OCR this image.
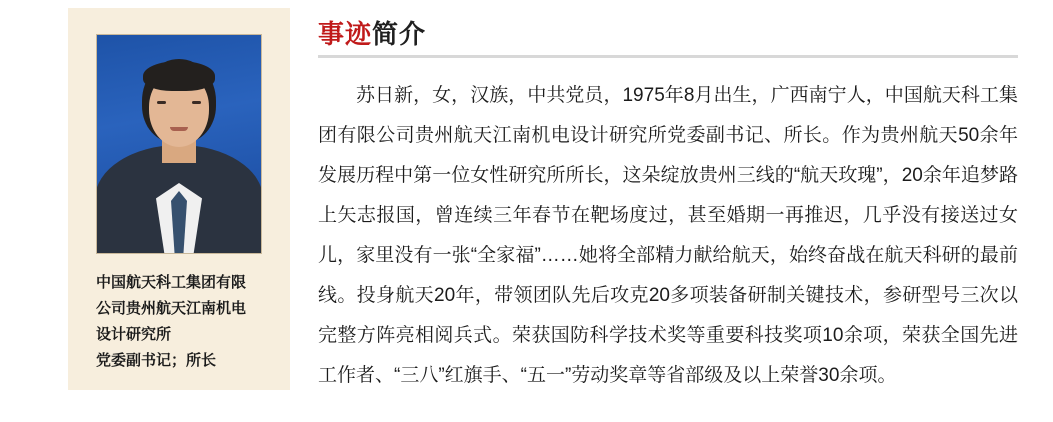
中国航天科工集团有限
公司贵州航天江南机电
设计研究所
党委副书记；所长
事迹 简介
苏日新，女，汉族，中共党员，1975年8月出生，广西南宁人，中国航天科工集团有限公司贵州航天江南机电设计研究所党委副书记、所长。作为贵州航天50余年发展历程中第一位女性研究所所长，这朵绽放贵州三线的“航天玫瑰”，20余年追梦路上矢志报国，曾连续三年春节在靶场度过，甚至婚期一再推迟，几乎没有接送过女儿，家里没有一张“全家福”……她将全部精力献给航天，始终奋战在航天科研的最前线。投身航天20年，带领团队先后攻克20多项装备研制关键技术，参研型号三次以完整方阵亮相阅兵式。荣获国防科学技术奖等重要科技奖项10余项，荣获全国先进工作者、“三八”红旗手、“五一”劳动奖章等省部级及以上荣誉30余项。
